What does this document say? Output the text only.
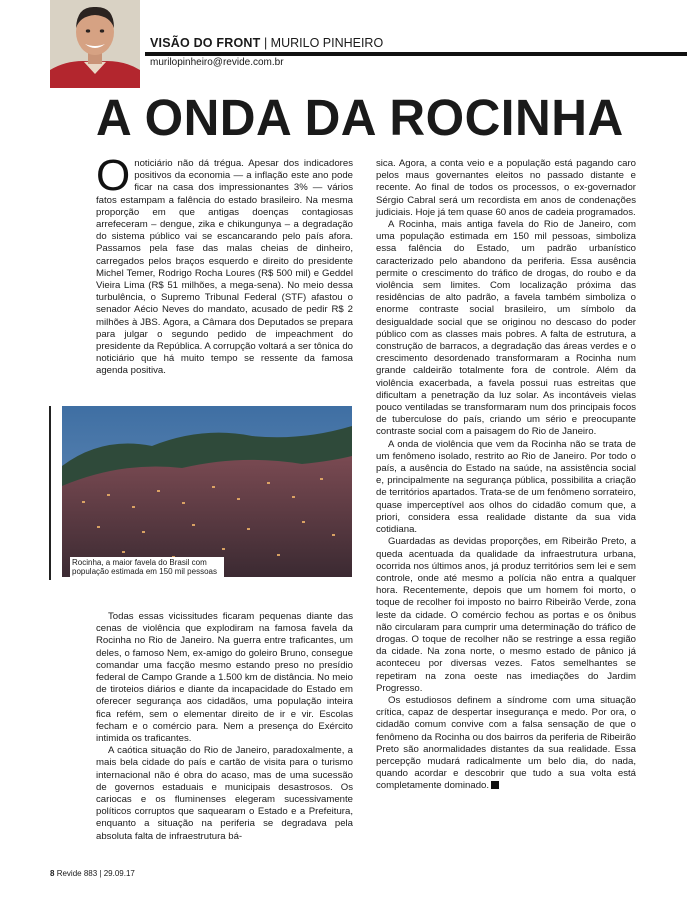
VISÃO DO FRONT | MURILO PINHEIRO
murilopinheiro@revide.com.br
A ONDA DA ROCINHA

Onoticiário não dá trégua. Apesar dos indicadores positivos da economia — a inflação este ano pode ficar na casa dos impressionantes 3% — vários fatos estampam a falência do estado brasileiro. Na mesma proporção em que antigas doenças contagiosas arrefeceram – dengue, zika e chikungunya – a degradação do sistema público vai se escancarando pelo país afora. Passamos pela fase das malas cheias de dinheiro, carregados pelos braços esquerdo e direito do presidente Michel Temer, Rodrigo Rocha Loures (R$ 500 mil) e Geddel Vieira Lima (R$ 51 milhões, a mega-sena). No meio dessa turbulência, o Supremo Tribunal Federal (STF) afastou o senador Aécio Neves do mandato, acusado de pedir R$ 2 milhões à JBS. Agora, a Câmara dos Deputados se prepara para julgar o segundo pedido de impeachment do presidente da República. A corrupção voltará a ser tônica do noticiário que há muito tempo se ressente da famosa agenda positiva.

Rocinha, a maior favela do Brasil com população estimada em 150 mil pessoas

Todas essas vicissitudes ficaram pequenas diante das cenas de violência que explodiram na famosa favela da Rocinha no Rio de Janeiro. Na guerra entre traficantes, um deles, o famoso Nem, ex-amigo do goleiro Bruno, consegue comandar uma facção mesmo estando preso no presídio federal de Campo Grande a 1.500 km de distância. No meio de tiroteios diários e diante da incapacidade do Estado em oferecer segurança aos cidadãos, uma população inteira fica refém, sem o elementar direito de ir e vir. Escolas fecham e o comércio para. Nem a presença do Exército intimida os traficantes.

A caótica situação do Rio de Janeiro, paradoxalmente, a mais bela cidade do país e cartão de visita para o turismo internacional não é obra do acaso, mas de uma sucessão de governos estaduais e municipais desastrosos. Os cariocas e os fluminenses elegeram sucessivamente políticos corruptos que saquearam o Estado e a Prefeitura, enquanto a situação na periferia se degradava pela absoluta falta de infraestrutura bá-

sica. Agora, a conta veio e a população está pagando caro pelos maus governantes eleitos no passado distante e recente. Ao final de todos os processos, o ex-governador Sérgio Cabral será um recordista em anos de condenações judiciais. Hoje já tem quase 60 anos de cadeia programados.

A Rocinha, mais antiga favela do Rio de Janeiro, com uma população estimada em 150 mil pessoas, simboliza essa falência do Estado, um padrão urbanístico caracterizado pelo abandono da periferia. Essa ausência permite o crescimento do tráfico de drogas, do roubo e da violência sem limites. Com localização próxima das residências de alto padrão, a favela também simboliza o enorme contraste social brasileiro, um símbolo da desigualdade social que se originou no descaso do poder público com as classes mais pobres. A falta de estrutura, a construção de barracos, a degradação das áreas verdes e o crescimento desordenado transformaram a Rocinha num grande caldeirão totalmente fora de controle. Além da violência exacerbada, a favela possui ruas estreitas que dificultam a penetração da luz solar. As incontáveis vielas pouco ventiladas se transformaram num dos principais focos de tuberculose do país, criando um sério e preocupante contraste social com a paisagem do Rio de Janeiro.

A onda de violência que vem da Rocinha não se trata de um fenômeno isolado, restrito ao Rio de Janeiro. Por todo o país, a ausência do Estado na saúde, na assistência social e, principalmente na segurança pública, possibilita a criação de territórios apartados. Trata-se de um fenômeno sorrateiro, quase imperceptível aos olhos do cidadão comum que, a priori, considera essa realidade distante da sua vida cotidiana.

Guardadas as devidas proporções, em Ribeirão Preto, a queda acentuada da qualidade da infraestrutura urbana, ocorrida nos últimos anos, já produz territórios sem lei e sem controle, onde até mesmo a polícia não entra a qualquer hora. Recentemente, depois que um homem foi morto, o toque de recolher foi imposto no bairro Ribeirão Verde, zona leste da cidade. O comércio fechou as portas e os ônibus não circularam para cumprir uma determinação do tráfico de drogas. O toque de recolher não se restringe a essa região da cidade. Na zona norte, o mesmo estado de pânico já aconteceu por diversas vezes. Fatos semelhantes se repetiram na zona oeste nas imediações do Jardim Progresso.

Os estudiosos definem a síndrome com uma situação crítica, capaz de despertar insegurança e medo. Por ora, o cidadão comum convive com a falsa sensação de que o fenômeno da Rocinha ou dos bairros da periferia de Ribeirão Preto são anormalidades distantes da sua realidade. Essa percepção mudará radicalmente um belo dia, do nada, quando acordar e descobrir que tudo a sua volta está completamente dominado.

8 Revide 883 | 29.09.17
